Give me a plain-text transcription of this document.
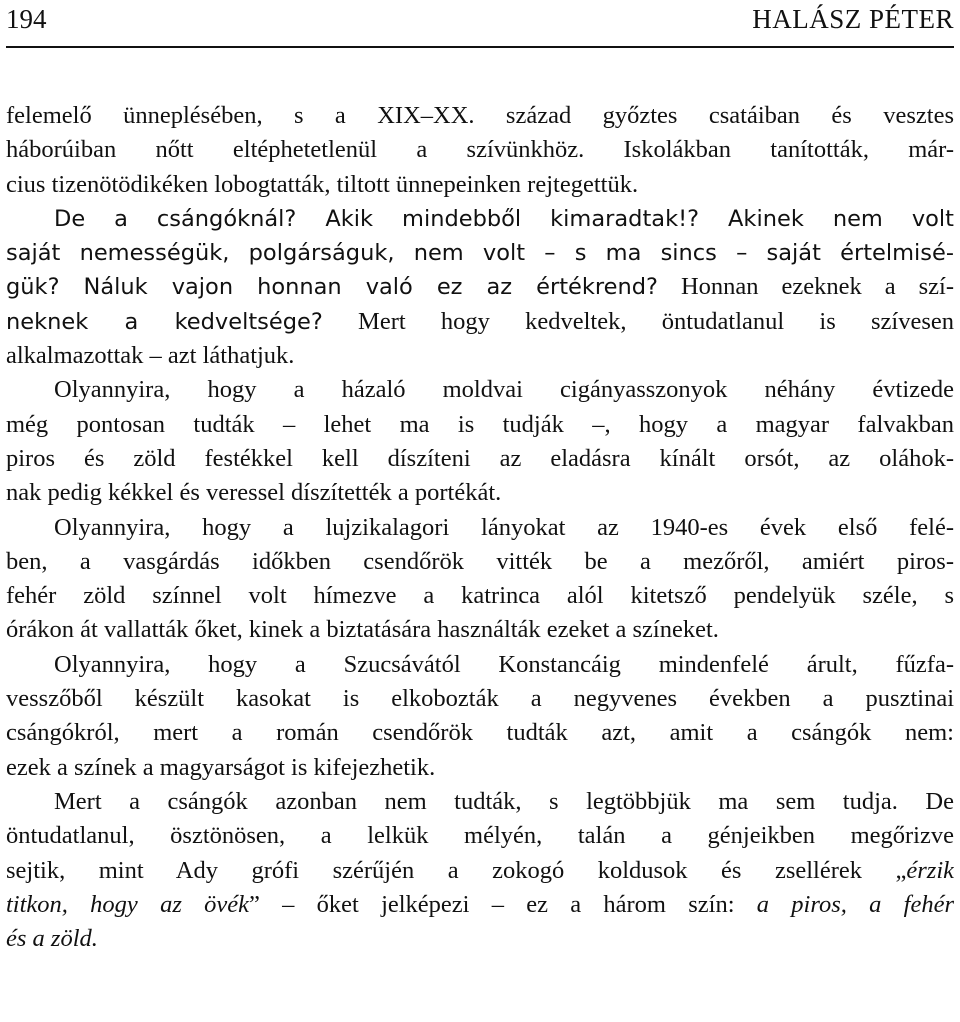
194	HALÁSZ PÉTER
felemelő ünneplésében, s a XIX–XX. század győztes csatáiban és vesztes
háborúiban nőtt eltéphetetlenül a szívünkhöz. Iskolákban tanították, már-
cius tizenötödikéken lobogtatták, tiltott ünnepeinken rejtegettük.
De a csángóknál? Akik mindebből kimaradtak!? Akinek nem volt
saját nemességük, polgárságuk, nem volt – s ma sincs – saját értelmisé-
gük? Náluk vajon honnan való ez az értékrend? Honnan ezeknek a szí-
neknek a kedveltsége? Mert hogy kedveltek, öntudatlanul is szívesen
alkalmazottak – azt láthatjuk.
Olyannyira, hogy a házaló moldvai cigányasszonyok néhány évtizede
még pontosan tudták – lehet ma is tudják –, hogy a magyar falvakban
piros és zöld festékkel kell díszíteni az eladásra kínált orsót, az oláhok-
nak pedig kékkel és veressel díszítették a portékát.
Olyannyira, hogy a lujzikalagori lányokat az 1940-es évek első felé-
ben, a vasgárdás időkben csendőrök vitték be a mezőről, amiért piros-
fehér zöld színnel volt hímezve a katrinca alól kitetsző pendelyük széle, s
órákon át vallatták őket, kinek a biztatására használták ezeket a színeket.
Olyannyira, hogy a Szucsávától Konstancáig mindenfelé árult, fűzfa-
vesszőből készült kasokat is elkobozták a negyvenes években a pusztinai
csángókról, mert a román csendőrök tudták azt, amit a csángók nem:
ezek a színek a magyarságot is kifejezhetik.
Mert a csángók azonban nem tudták, s legtöbbjük ma sem tudja. De
öntudatlanul, ösztönösen, a lelkük mélyén, talán a génjeikben megőrizve
sejtik, mint Ady grófi szérűjén a zokogó koldusok és zsellérek „érzik
titkon, hogy az övék” – őket jelképezi – ez a három szín: a piros, a fehér
és a zöld.
